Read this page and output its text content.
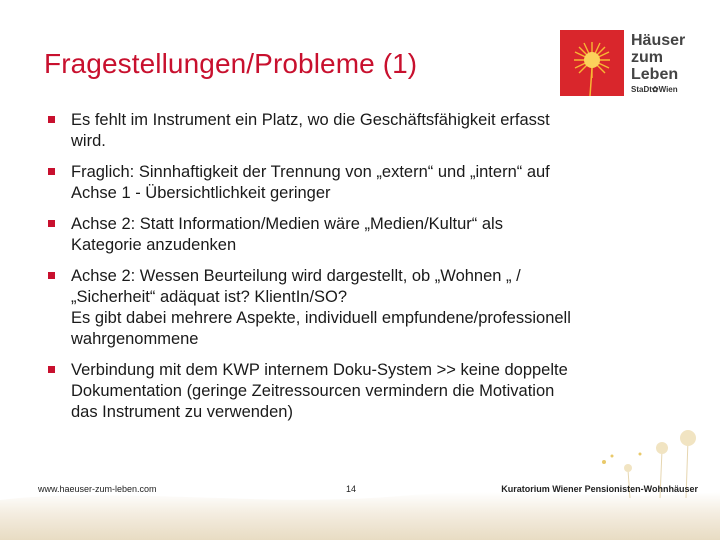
Fragestellungen/Probleme (1)
Häuser
zum
Leben
StaDt✿Wien
Es fehlt im Instrument ein Platz, wo die Geschäftsfähigkeit erfasst
wird.
Fraglich: Sinnhaftigkeit der Trennung von „extern“ und „intern“ auf
Achse 1 - Übersichtlichkeit geringer
Achse 2: Statt Information/Medien wäre „Medien/Kultur“ als
Kategorie anzudenken
Achse 2: Wessen Beurteilung wird dargestellt, ob „Wohnen „ /
„Sicherheit“ adäquat ist? KlientIn/SO?
Es gibt dabei mehrere Aspekte, individuell empfundene/professionell
wahrgenommene
Verbindung mit dem KWP internem Doku-System >> keine doppelte
Dokumentation (geringe Zeitressourcen vermindern die Motivation
das Instrument zu verwenden)
www.haeuser-zum-leben.com	14	Kuratorium Wiener Pensionisten-Wohnhäuser
